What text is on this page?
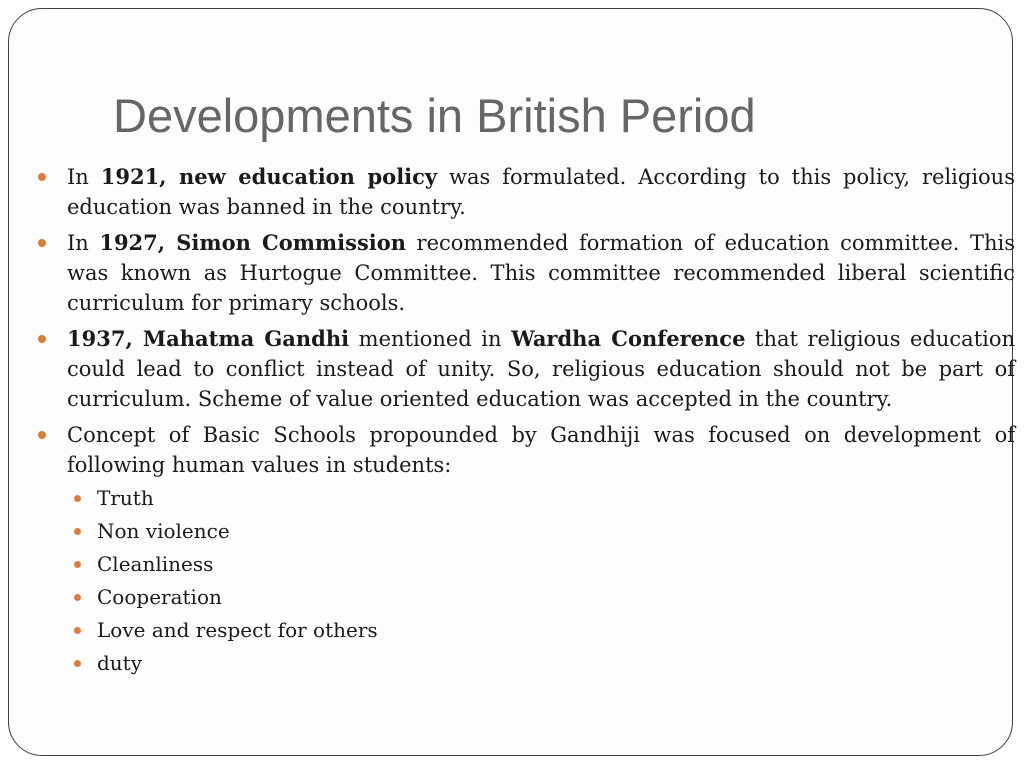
Developments in British Period
In 1921, new education policy was formulated. According to this policy, religious education was banned in the country.
In 1927, Simon Commission recommended formation of education committee. This was known as Hurtogue Committee. This committee recommended liberal scientific curriculum for primary schools.
1937, Mahatma Gandhi mentioned in Wardha Conference that religious education could lead to conflict instead of unity. So, religious education should not be part of curriculum. Scheme of value oriented education was accepted in the country.
Concept of Basic Schools propounded by Gandhiji was focused on development of following human values in students:
Truth
Non violence
Cleanliness
Cooperation
Love and respect for others
duty
